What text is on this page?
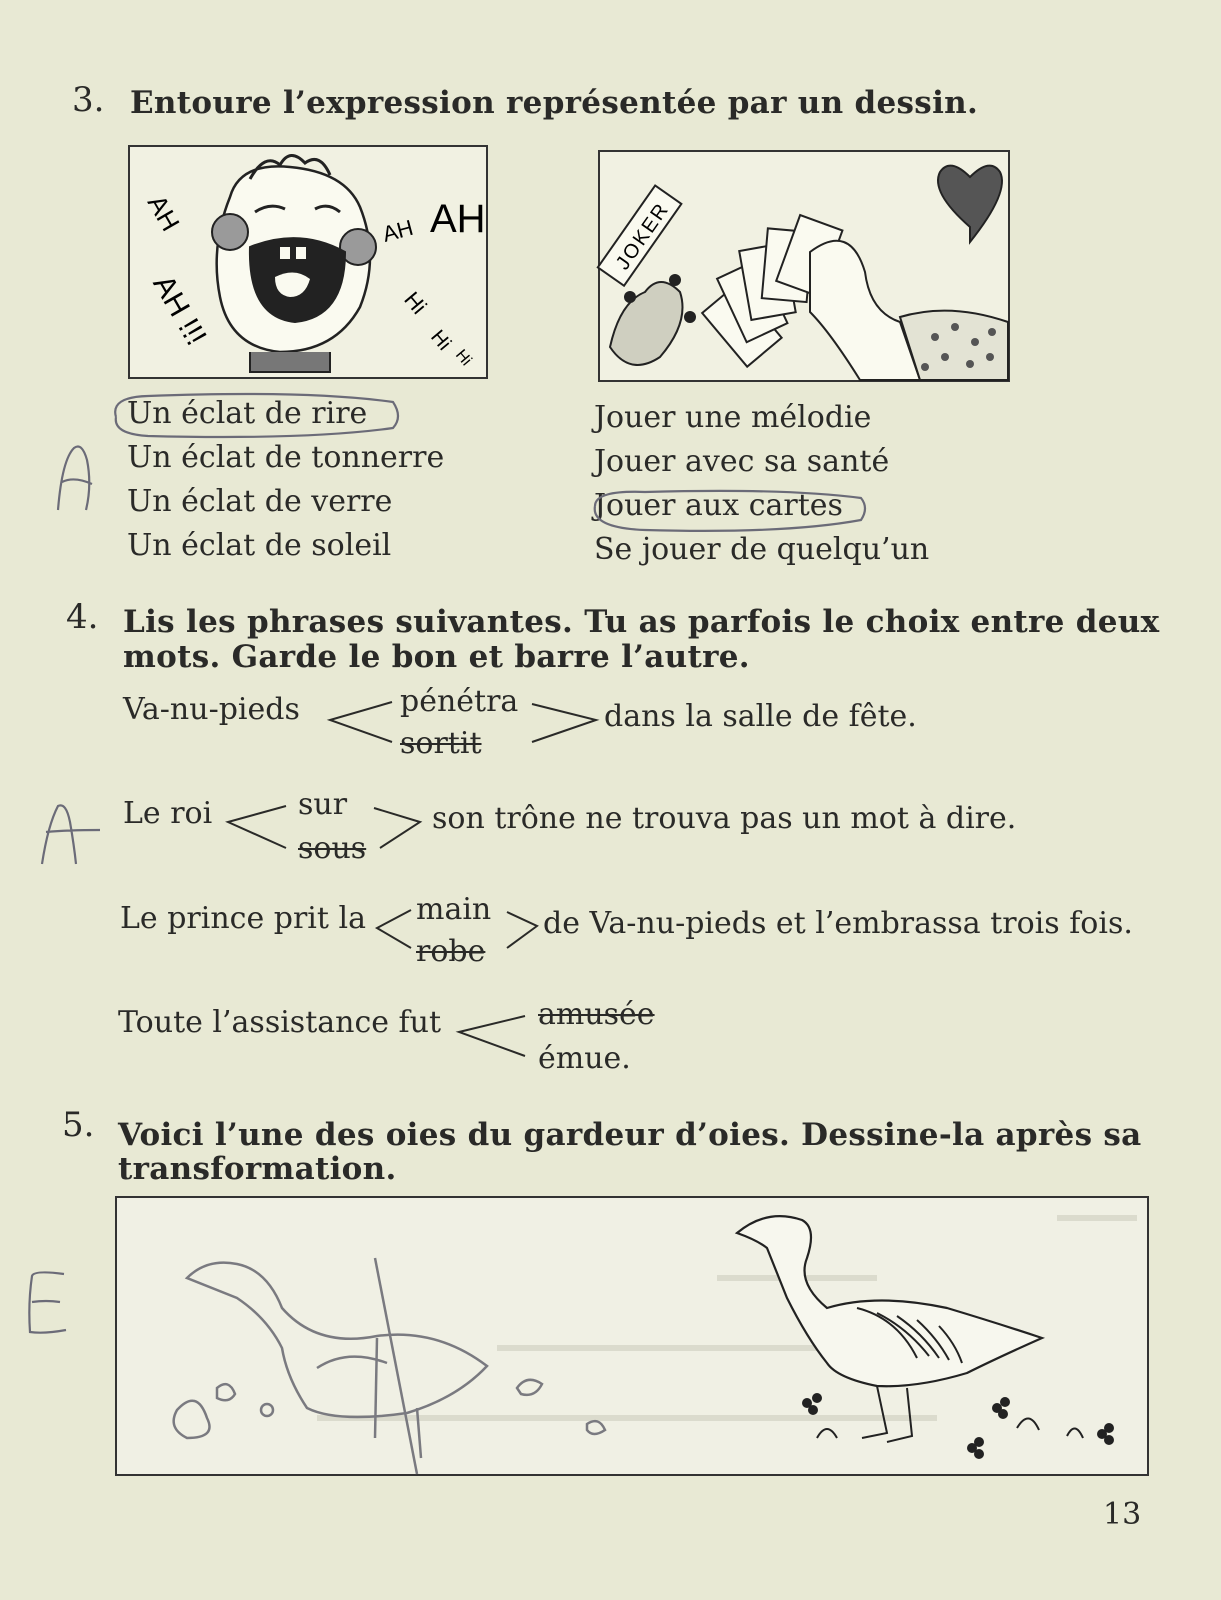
3. Entoure l’expression représentée par un dessin.
AH
AH !!!
AH AH
Hi
Hi
Hi
JOKER
Un éclat de rire
Un éclat de tonnerre
Un éclat de verre
Un éclat de soleil
Jouer une mélodie
Jouer avec sa santé
Jouer aux cartes
Se jouer de quelqu’un
4. Lis les phrases suivantes. Tu as parfois le choix entre deux
mots. Garde le bon et barre l’autre.
Va-nu-pieds	pénétra
sortit
dans la salle de fête.
Le roi	sur
sous
son trône ne trouva pas un mot à dire.
Le prince prit la main
robe
de Va-nu-pieds et l’embrassa trois fois.
Toute l’assistance fut	amusée
émue.
5. Voici l’une des oies du gardeur d’oies. Dessine-la après sa
transformation.
13
